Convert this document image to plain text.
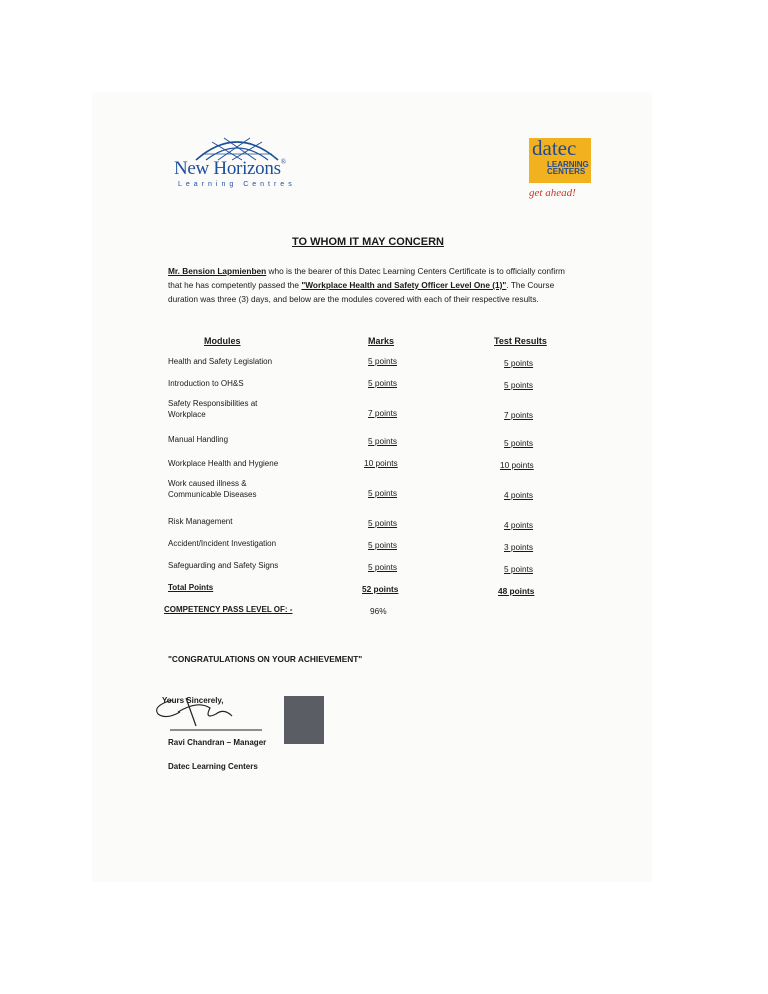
New Horizons®
Learning Centres
datec
LEARNING
CENTERS
get ahead!
TO WHOM IT MAY CONCERN
Mr. Bension Lapmienben who is the bearer of this Datec Learning Centers Certificate is to officially confirm that he has competently passed the "Workplace Health and Safety Officer Level One (1)". The Course duration was three (3) days, and below are the modules covered with each of their respective results.
Modules	Marks	Test Results
Health and Safety Legislation	5 points	5 points
Introduction to OH&S	5 points	5 points
Safety Responsibilities at Workplace	7 points	7 points
Manual Handling	5 points	5 points
Workplace Health and Hygiene	10 points	10 points
Work caused illness & Communicable Diseases	5 points	4 points
Risk Management	5 points	4 points
Accident/Incident Investigation	5 points	3 points
Safeguarding and Safety Signs	5 points	5 points
Total Points	52 points	48 points
COMPETENCY PASS LEVEL OF: -	96%
"CONGRATULATIONS ON YOUR ACHIEVEMENT"
Yours Sincerely,
Ravi Chandran – Manager
Datec Learning Centers
